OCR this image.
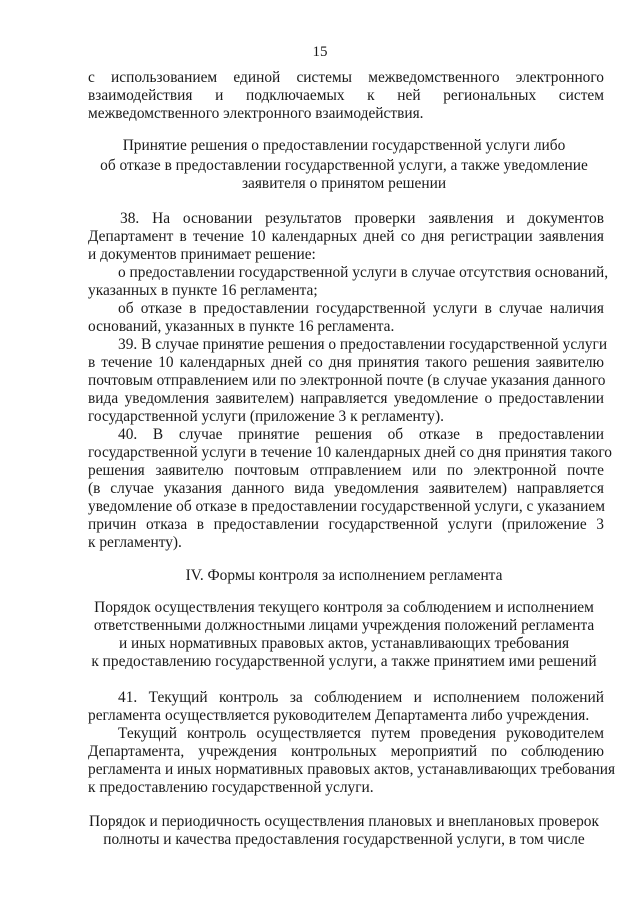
15
с использованием единой системы межведомственного электронного
взаимодействия и подключаемых к ней региональных систем
межведомственного электронного взаимодействия.
Принятие решения о предоставлении государственной услуги либо
об отказе в предоставлении государственной услуги, а также уведомление
заявителя о принятом решении
38. На основании результатов проверки заявления и документов
Департамент в течение 10 календарных дней со дня регистрации заявления
и документов принимает решение:
о предоставлении государственной услуги в случае отсутствия оснований,
указанных в пункте 16 регламента;
об отказе в предоставлении государственной услуги в случае наличия
оснований, указанных в пункте 16 регламента.
39. В случае принятие решения о предоставлении государственной услуги
в течение 10 календарных дней со дня принятия такого решения заявителю
почтовым отправлением или по электронной почте (в случае указания данного
вида уведомления заявителем) направляется уведомление о предоставлении
государственной услуги (приложение 3 к регламенту).
40. В случае принятие решения об отказе в предоставлении
государственной услуги в течение 10 календарных дней со дня принятия такого
решения заявителю почтовым отправлением или по электронной почте
(в случае указания данного вида уведомления заявителем) направляется
уведомление об отказе в предоставлении государственной услуги, с указанием
причин отказа в предоставлении государственной услуги (приложение 3
к регламенту).
IV. Формы контроля за исполнением регламента
Порядок осуществления текущего контроля за соблюдением и исполнением
ответственными должностными лицами учреждения положений регламента
и иных нормативных правовых актов, устанавливающих требования
к предоставлению государственной услуги, а также принятием ими решений
41. Текущий контроль за соблюдением и исполнением положений
регламента осуществляется руководителем Департамента либо учреждения.
Текущий контроль осуществляется путем проведения руководителем
Департамента, учреждения контрольных мероприятий по соблюдению
регламента и иных нормативных правовых актов, устанавливающих требования
к предоставлению государственной услуги.
Порядок и периодичность осуществления плановых и внеплановых проверок
полноты и качества предоставления государственной услуги, в том числе
